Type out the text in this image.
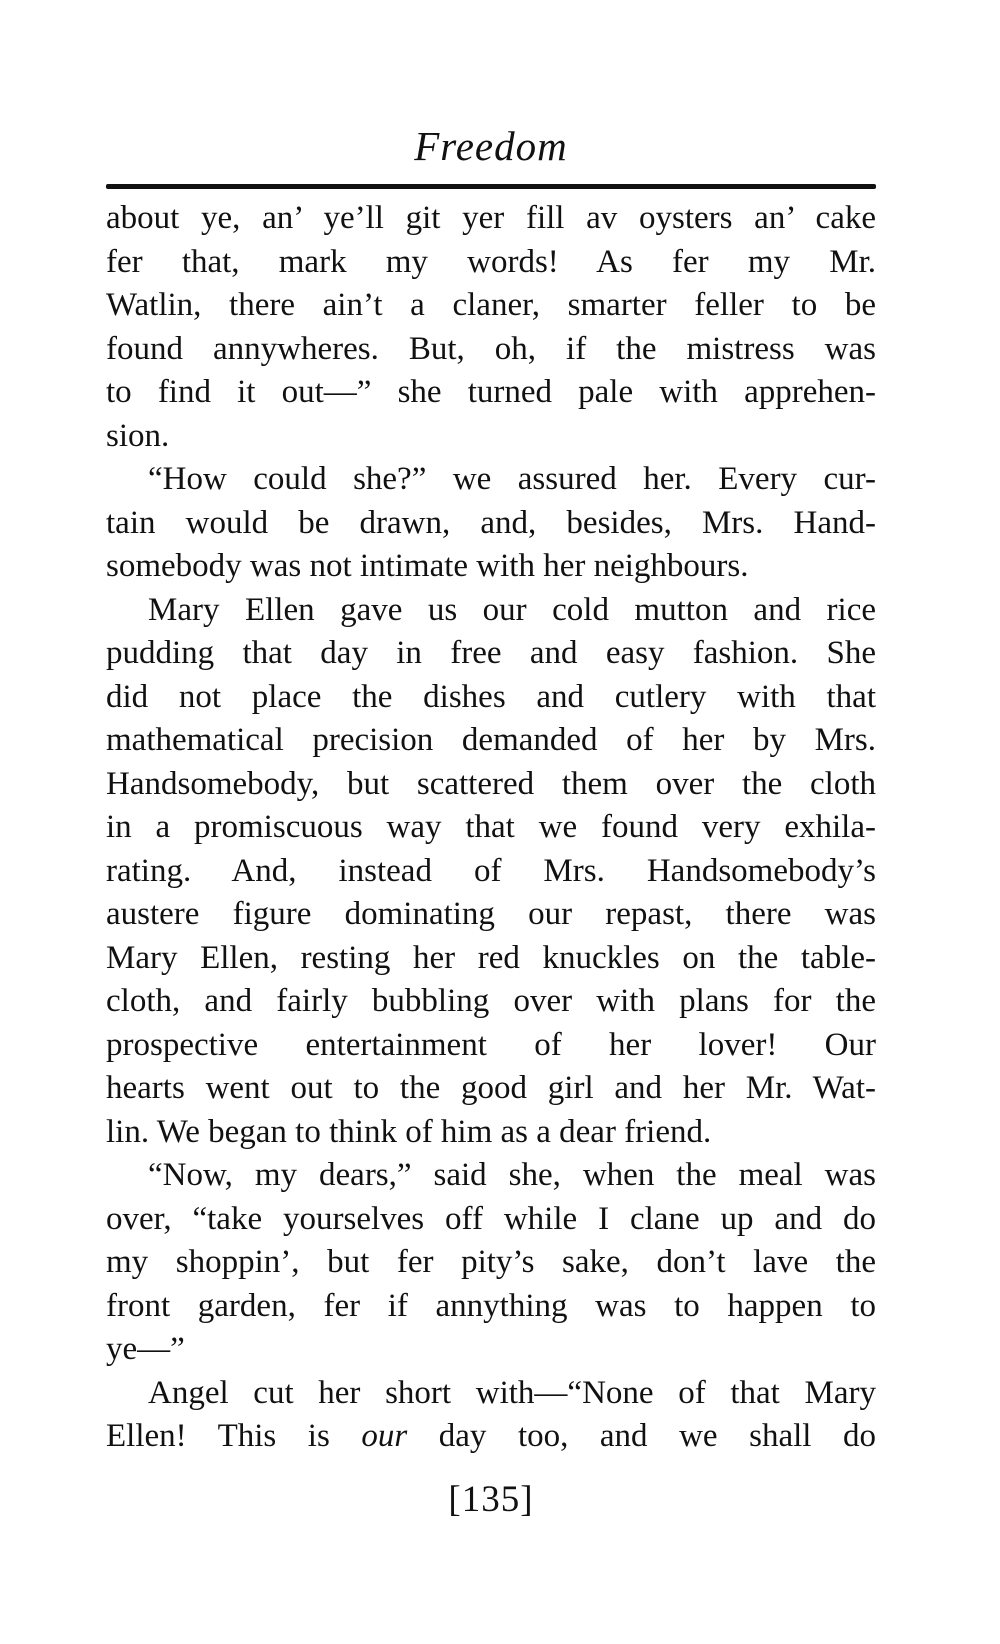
Freedom

about ye, an’ ye’ll git yer fill av oysters an’ cake

fer that, mark my words! As fer my Mr.

Watlin, there ain’t a claner, smarter feller to be

found annywheres. But, oh, if the mistress was

to find it out—” she turned pale with apprehen-

sion.

“How could she?” we assured her. Every cur-

tain would be drawn, and, besides, Mrs. Hand-

somebody was not intimate with her neighbours.

Mary Ellen gave us our cold mutton and rice

pudding that day in free and easy fashion. She

did not place the dishes and cutlery with that

mathematical precision demanded of her by Mrs.

Handsomebody, but scattered them over the cloth

in a promiscuous way that we found very exhila-

rating. And, instead of Mrs. Handsomebody’s

austere figure dominating our repast, there was

Mary Ellen, resting her red knuckles on the table-

cloth, and fairly bubbling over with plans for the

prospective entertainment of her lover! Our

hearts went out to the good girl and her Mr. Wat-

lin. We began to think of him as a dear friend.

“Now, my dears,” said she, when the meal was

over, “take yourselves off while I clane up and do

my shoppin’, but fer pity’s sake, don’t lave the

front garden, fer if annything was to happen to

ye—”

Angel cut her short with—“None of that Mary

Ellen! This is our day too, and we shall do

[135]
